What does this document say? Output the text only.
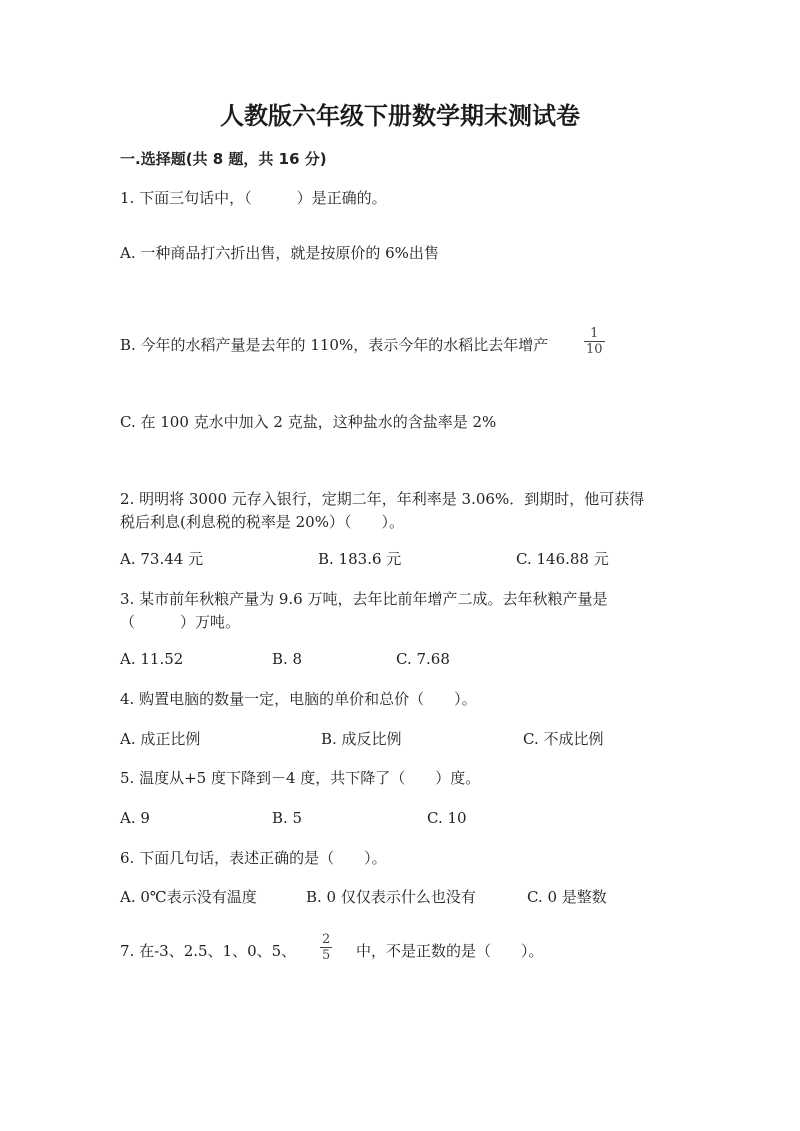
人教版六年级下册数学期末测试卷
一.选择题(共 8 题，共 16 分)
1. 下面三句话中，（　　　）是正确的。
A. 一种商品打六折出售，就是按原价的 6%出售
B. 今年的水稻产量是去年的 110%，表示今年的水稻比去年增产
1
10
C. 在 100 克水中加入 2 克盐，这种盐水的含盐率是 2%
2. 明明将 3000 元存入银行，定期二年，年利率是 3.06%．到期时，他可获得
税后利息(利息税的税率是 20%）（　　）。
A. 73.44 元	B. 183.6 元	C. 146.88 元
3. 某市前年秋粮产量为 9.6 万吨，去年比前年增产二成。去年秋粮产量是
（　　　）万吨。
A. 11.52	B. 8	C. 7.68
4. 购置电脑的数量一定，电脑的单价和总价（　　）。
A. 成正比例	B. 成反比例	C. 不成比例
5. 温度从+5 度下降到－4 度，共下降了（　　）度。
A. 9	B. 5	C. 10
6. 下面几句话，表述正确的是（　　）。
A. 0℃表示没有温度	B. 0 仅仅表示什么也没有	C. 0 是整数
7. 在-3、2.5、1、0、5、
2
5 中，不是正数的是（　　）。
